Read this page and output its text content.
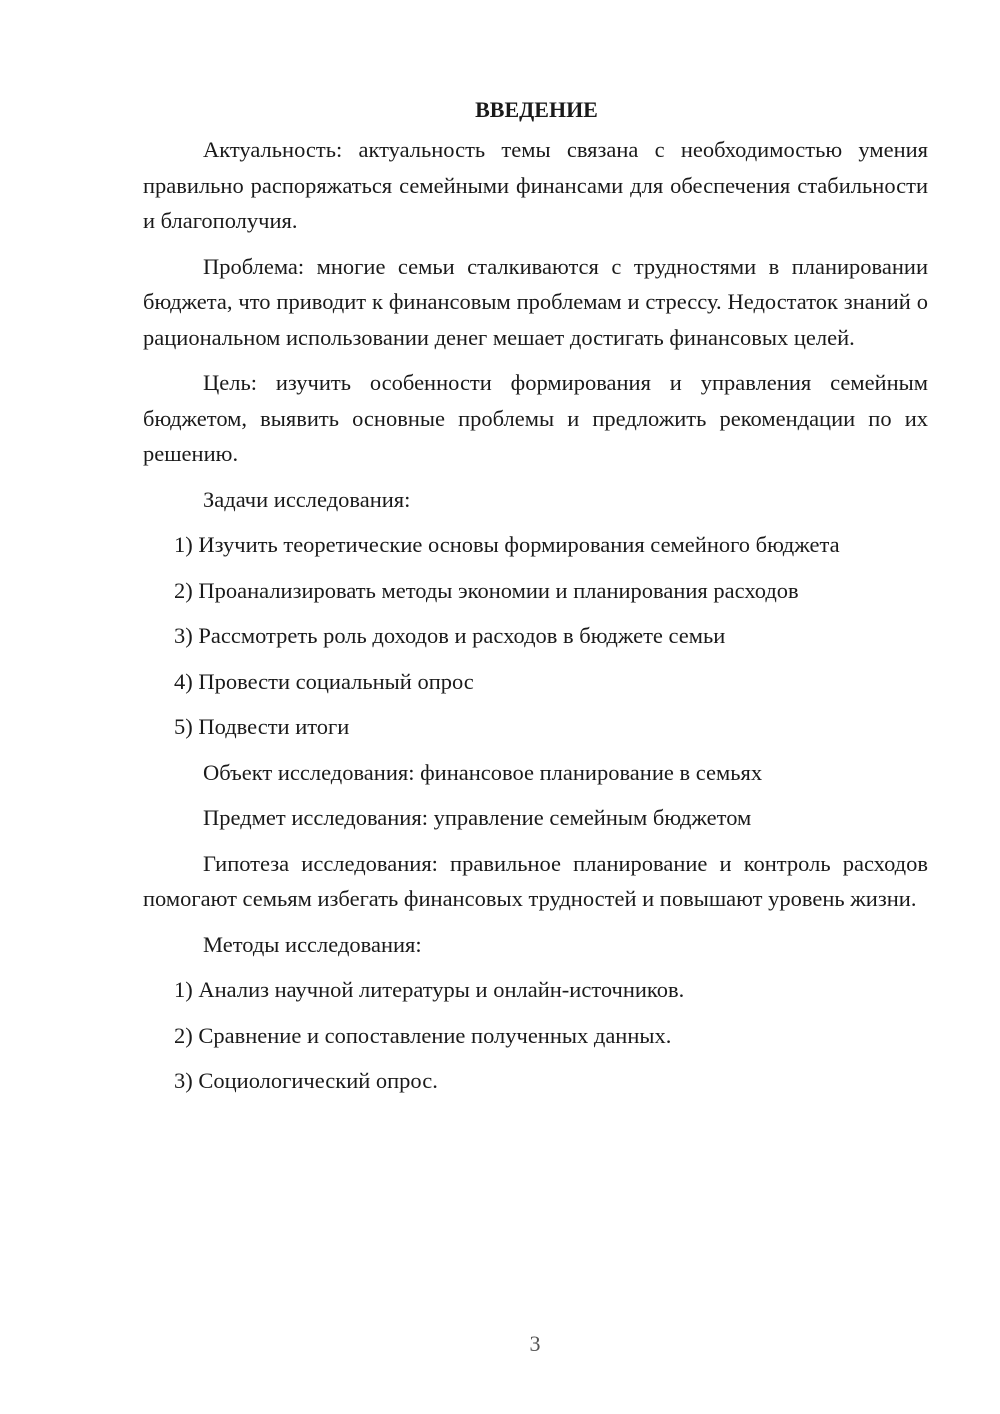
ВВЕДЕНИЕ
Актуальность: актуальность темы связана с необходимостью умения правильно распоряжаться семейными финансами для обеспечения стабильности и благополучия.
Проблема: многие семьи сталкиваются с трудностями в планировании бюджета, что приводит к финансовым проблемам и стрессу. Недостаток знаний о рациональном использовании денег мешает достигать финансовых целей.
Цель: изучить особенности формирования и управления семейным бюджетом, выявить основные проблемы и предложить рекомендации по их решению.
Задачи исследования:
1) Изучить теоретические основы формирования семейного бюджета
2) Проанализировать методы экономии и планирования расходов
3) Рассмотреть роль доходов и расходов в бюджете семьи
4) Провести социальный опрос
5) Подвести итоги
Объект исследования: финансовое планирование в семьях
Предмет исследования: управление семейным бюджетом
Гипотеза исследования: правильное планирование и контроль расходов помогают семьям избегать финансовых трудностей и повышают уровень жизни.
Методы исследования:
1) Анализ научной литературы и онлайн-источников.
2) Сравнение и сопоставление полученных данных.
3) Социологический опрос.
3
